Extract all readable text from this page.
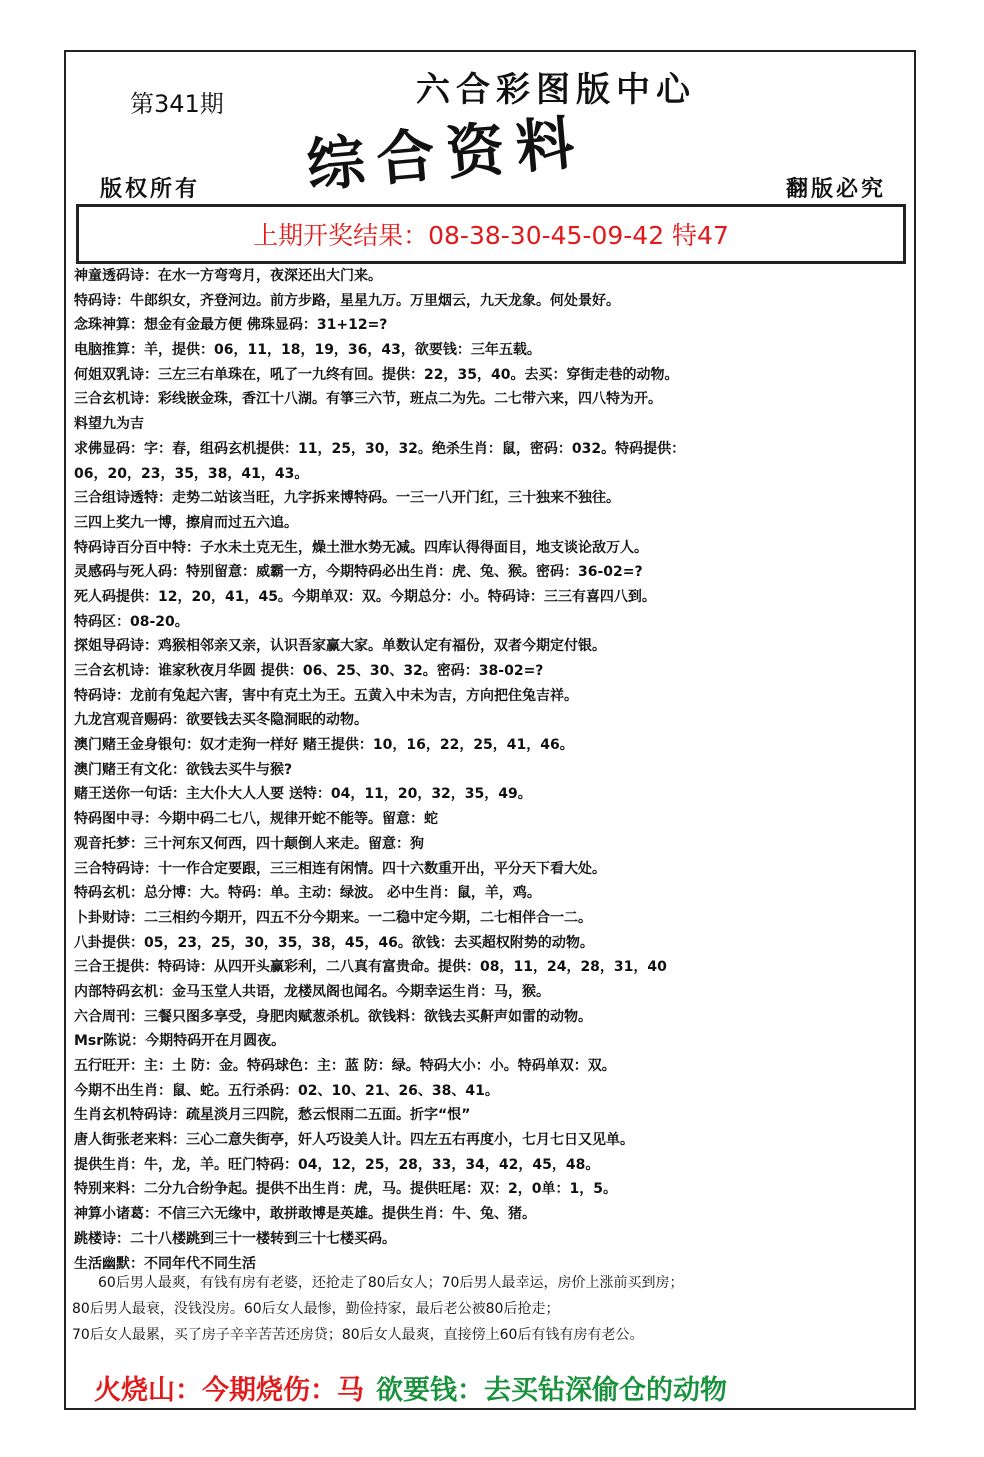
第341期	六合彩图版中心
综合资料
版权所有	翻版必究
上期开奖结果：08-38-30-45-09-42 特47
神童透码诗：在水一方弯弯月，夜深还出大门来。
特码诗：牛郎织女，齐登河边。前方步路，星星九万。万里烟云，九天龙象。何处景好。
念珠神算：想金有金最方便 佛珠显码：31+12=?
电脑推算：羊，提供：06，11，18，19，36，43，欲要钱：三年五载。
何姐双乳诗：三左三右单珠在，吼了一九终有回。提供：22，35，40。去买：穿街走巷的动物。
三合玄机诗：彩线嵌金珠，香江十八湖。有箏三六节，班点二为先。二七带六来，四八特为开。
料望九为吉
求佛显码：字：春，组码玄机提供：11，25，30，32。绝杀生肖：鼠，密码：032。特码提供：
06，20，23，35，38，41，43。
三合组诗透特：走势二站该当旺，九字拆来博特码。一三一八开门红，三十独来不独往。
三四上奖九一博，擦肩而过五六追。
特码诗百分百中特：子水未土克无生，燥土泄水势无减。四库认得得面目，地支谈论敌万人。
灵感码与死人码：特别留意：威霸一方，今期特码必出生肖：虎、兔、猴。密码：36-02=?
死人码提供：12，20，41，45。今期单双：双。今期总分：小。特码诗：三三有喜四八到。
特码区：08-20。
探姐导码诗：鸡猴相邻亲又亲，认识吾家赢大家。单数认定有福份，双者今期定付银。
三合玄机诗：谁家秋夜月华圆 提供：06、25、30、32。密码：38-02=?
特码诗：龙前有兔起六害，害中有克土为王。五黄入中未为吉，方向把住兔吉祥。
九龙宫观音赐码：欲要钱去买冬隐洞眠的动物。
澳门赌王金身银句：奴才走狗一样好 赌王提供：10，16，22，25，41，46。
澳门赌王有文化：欲钱去买牛与猴?
赌王送你一句话：主大仆大人人要 送特：04，11，20，32，35，49。
特码图中寻：今期中码二七八，规律开蛇不能等。留意：蛇
观音托梦：三十河东又何西，四十颠倒人来走。留意：狗
三合特码诗：十一作合定要跟，三三相连有闲情。四十六数重开出，平分天下看大处。
特码玄机：总分博：大。特码：单。主动：绿波。 必中生肖：鼠，羊，鸡。
卜卦财诗：二三相约今期开，四五不分今期来。一二稳中定今期，二七相伴合一二。
八卦提供：05，23，25，30，35，38，45，46。欲钱：去买超权附势的动物。
三合王提供：特码诗：从四开头赢彩利，二八真有富贵命。提供：08，11，24，28，31，40
内部特码玄机：金马玉堂人共语，龙楼凤阁也闻名。今期幸运生肖：马，猴。
六合周刊：三餐只图多享受，身肥肉赋葱杀机。欲钱料：欲钱去买鼾声如雷的动物。
Msr陈说：今期特码开在月圆夜。
五行旺开：主：土 防：金。特码球色：主：蓝 防：绿。特码大小：小。特码单双：双。
今期不出生肖：鼠、蛇。五行杀码：02、10、21、26、38、41。
生肖玄机特码诗：疏星淡月三四院，愁云恨雨二五面。折字“恨”
唐人街张老来料：三心二意失街亭，奸人巧设美人计。四左五右再度小，七月七日又见单。
提供生肖：牛，龙，羊。旺门特码：04，12，25，28，33，34，42，45，48。
特别来料：二分九合纷争起。提供不出生肖：虎，马。提供旺尾：双：2，0单：1，5。
神算小诸葛：不信三六无缘中，敢拼敢博是英雄。提供生肖：牛、兔、猪。
跳楼诗：二十八楼跳到三十一楼转到三十七楼买码。
生活幽默：不同年代不同生活
60后男人最爽，有钱有房有老婆，还抢走了80后女人；70后男人最幸运，房价上涨前买到房；
80后男人最衰，没钱没房。60后女人最惨，勤俭持家，最后老公被80后抢走；
70后女人最累，买了房子辛辛苦苦还房贷；80后女人最爽，直接傍上60后有钱有房有老公。
火烧山：今期烧伤：马 欲要钱：去买钻深偷仓的动物
